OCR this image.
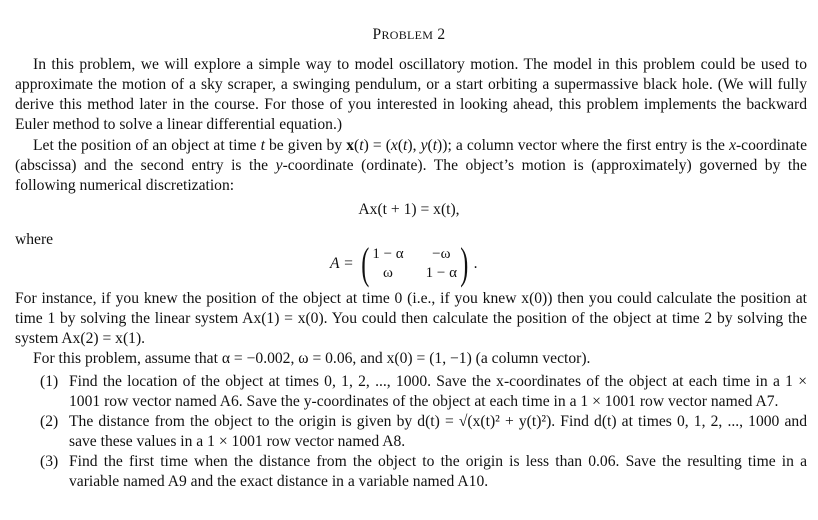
PROBLEM 2
In this problem, we will explore a simple way to model oscillatory motion. The model in this problem could be used to approximate the motion of a sky scraper, a swinging pendulum, or a start orbiting a supermassive black hole. (We will fully derive this method later in the course. For those of you interested in looking ahead, this problem implements the backward Euler method to solve a linear differential equation.)
Let the position of an object at time t be given by x(t) = (x(t), y(t)); a column vector where the first entry is the x-coordinate (abscissa) and the second entry is the y-coordinate (ordinate). The object’s motion is (approximately) governed by the following numerical discretization:
Ax(t + 1) = x(t),
where
A = ( 1 − α	−ω
ω	1 − α ) .
For instance, if you knew the position of the object at time 0 (i.e., if you knew x(0)) then you could calculate the position at time 1 by solving the linear system Ax(1) = x(0). You could then calculate the position of the object at time 2 by solving the system Ax(2) = x(1).
For this problem, assume that α = −0.002, ω = 0.06, and x(0) = (1, −1) (a column vector).
(1) Find the location of the object at times 0, 1, 2, ..., 1000. Save the x-coordinates of the object at each time in a 1 × 1001 row vector named A6. Save the y-coordinates of the object at each time in a 1 × 1001 row vector named A7.
(2) The distance from the object to the origin is given by d(t) = √(x(t)² + y(t)²). Find d(t) at times 0, 1, 2, ..., 1000 and save these values in a 1 × 1001 row vector named A8.
(3) Find the first time when the distance from the object to the origin is less than 0.06. Save the resulting time in a variable named A9 and the exact distance in a variable named A10.
